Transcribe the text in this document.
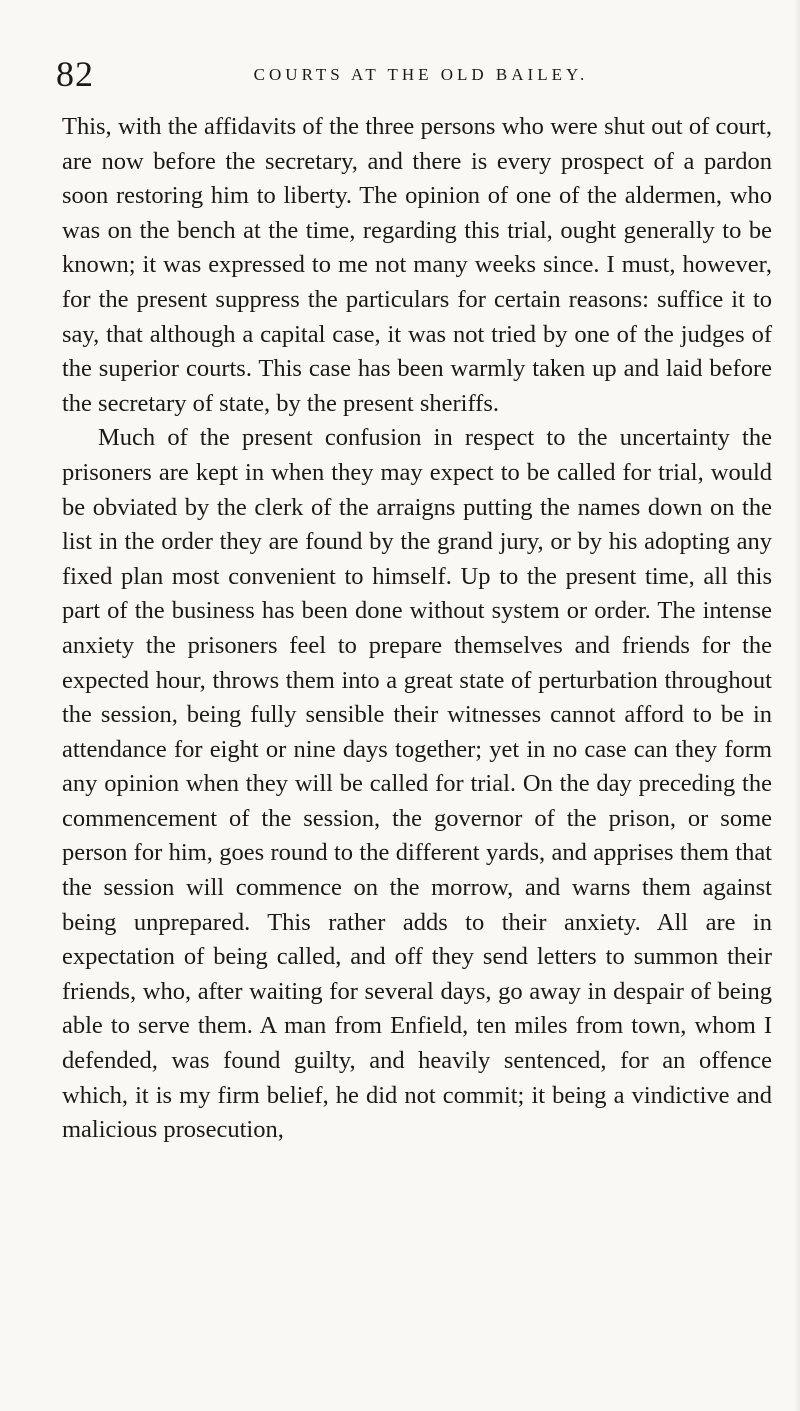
82	COURTS AT THE OLD BAILEY.

This, with the affidavits of the three persons who were shut out of court, are now before the secretary, and there is every prospect of a pardon soon restoring him to liberty. The opinion of one of the aldermen, who was on the bench at the time, regarding this trial, ought generally to be known; it was expressed to me not many weeks since. I must, however, for the present suppress the particulars for certain reasons: suffice it to say, that although a capital case, it was not tried by one of the judges of the superior courts. This case has been warmly taken up and laid before the secretary of state, by the present sheriffs.

Much of the present confusion in respect to the uncertainty the prisoners are kept in when they may expect to be called for trial, would be obviated by the clerk of the arraigns putting the names down on the list in the order they are found by the grand jury, or by his adopting any fixed plan most convenient to himself. Up to the present time, all this part of the business has been done without system or order. The intense anxiety the prisoners feel to prepare themselves and friends for the expected hour, throws them into a great state of perturbation throughout the session, being fully sensible their witnesses cannot afford to be in attendance for eight or nine days together; yet in no case can they form any opinion when they will be called for trial. On the day preceding the commencement of the session, the governor of the prison, or some person for him, goes round to the different yards, and apprises them that the session will commence on the morrow, and warns them against being unprepared. This rather adds to their anxiety. All are in expectation of being called, and off they send letters to summon their friends, who, after waiting for several days, go away in despair of being able to serve them. A man from Enfield, ten miles from town, whom I defended, was found guilty, and heavily sentenced, for an offence which, it is my firm belief, he did not commit; it being a vindictive and malicious prosecution,
